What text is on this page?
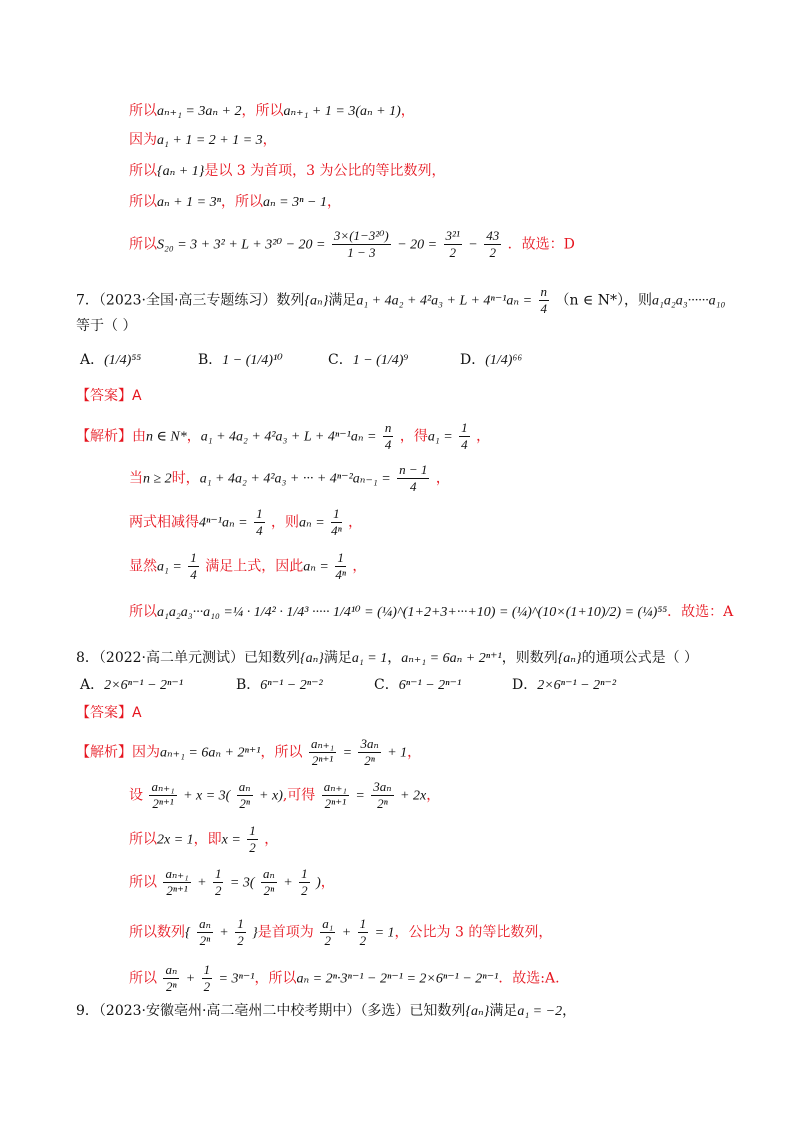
所以aₙ₊₁ = 3aₙ + 2，所以aₙ₊₁ + 1 = 3(aₙ + 1)，
因为a₁ + 1 = 2 + 1 = 3，
所以{aₙ + 1}是以 3 为首项，3 为公比的等比数列，
所以aₙ + 1 = 3ⁿ，所以aₙ = 3ⁿ − 1，
所以$S_{20} = 3 + 3^2 + L + 3^{20} - 20 = \frac{\text{3×(1−3²⁰)}}{1 - 3} - 20 = \frac{\text{3²¹}}{2} - \frac{43}{2}$ ．故选：D
7．（2023·全国·高三专题练习）数列{aₙ}满足$a_1 + 4a_2 + 4^2a_3 + L + 4^{n-1}a_n = \frac{n}{4} (n$ ∈ N*），则a₁a₂a₃······a₁₀
等于（ ）
A．(1/4)⁵⁵	B．1 − (1/4)¹⁰	C．1 − (1/4)⁹	D．(1/4)⁶⁶
【答案】A
【解析】由n ∈ N*，$a_1 + 4a_2 + 4^2a_3 + L + 4^{n-1}a_n = \frac{n}{4}$ ，得$a_1 = \frac{1}{4}$ ，
当n ≥ 2时，a₁ + 4a₂ + 4²a₃ + ··· + $4^{n-2}a_{n-1} = \frac{n - 1}{4}$ ，
两式相减得$4^{n-1}a_n = \frac{1}{4}$ ，则$a_n = \frac{1}{\text{4ⁿ}}$ ，
显然$a_1 = \frac{1}{4}$ 满足上式，因此$a_n = \frac{1}{\text{4ⁿ}}$ ，
所以a₁a₂a₃···a₁₀ =¼ · 1/4² · 1/4³ ····· 1/4¹⁰ = (¼)^(1+2+3+···+10) = (¼)^(10×(1+10)/2) = (¼)⁵⁵．故选：A
8．（2022·高二单元测试）已知数列{aₙ}满足a₁ = 1，aₙ₊₁ = 6aₙ + 2ⁿ⁺¹，则数列{aₙ}的通项公式是（ ）
A．2×6ⁿ⁻¹ − 2ⁿ⁻¹	B．6ⁿ⁻¹ − 2ⁿ⁻²	C．6ⁿ⁻¹ − 2ⁿ⁻¹	D．2×6ⁿ⁻¹ − 2ⁿ⁻²
【答案】A
【解析】因为aₙ₊₁ = 6aₙ + 2ⁿ⁺¹，所以 $\frac{\text{aₙ₊₁}}{\text{2ⁿ⁺¹}} = \frac{\text{3aₙ}}{\text{2ⁿ}} + 1$，
设 $\frac{\text{aₙ₊₁}}{\text{2ⁿ⁺¹}} + x = 3( \frac{\text{aₙ}}{\text{2ⁿ}} + x)$,可得 $\frac{\text{aₙ₊₁}}{\text{2ⁿ⁺¹}} = \frac{\text{3aₙ}}{\text{2ⁿ}} + 2x$，
所以2x = 1，即$x = \frac{1}{2}$ ，
所以 $\frac{\text{aₙ₊₁}}{\text{2ⁿ⁺¹}} + \frac{1}{2} = 3( \frac{\text{aₙ}}{\text{2ⁿ}} + \frac{1}{2}$ )，
所以数列{ $\frac{\text{aₙ}}{\text{2ⁿ}} + \frac{1}{2}$ }是首项为 $\frac{\text{a₁}}{2} + \frac{1}{2} = 1$，公比为 3 的等比数列，
所以 $\frac{\text{aₙ}}{\text{2ⁿ}} + \frac{1}{2} = 3^{n-1}$，所以aₙ = 2ⁿ·3ⁿ⁻¹ − 2ⁿ⁻¹ = 2×6ⁿ⁻¹ − 2ⁿ⁻¹．故选:A.
9．（2023·安徽亳州·高二亳州二中校考期中）（多选）已知数列{aₙ}满足a₁ = −2，
